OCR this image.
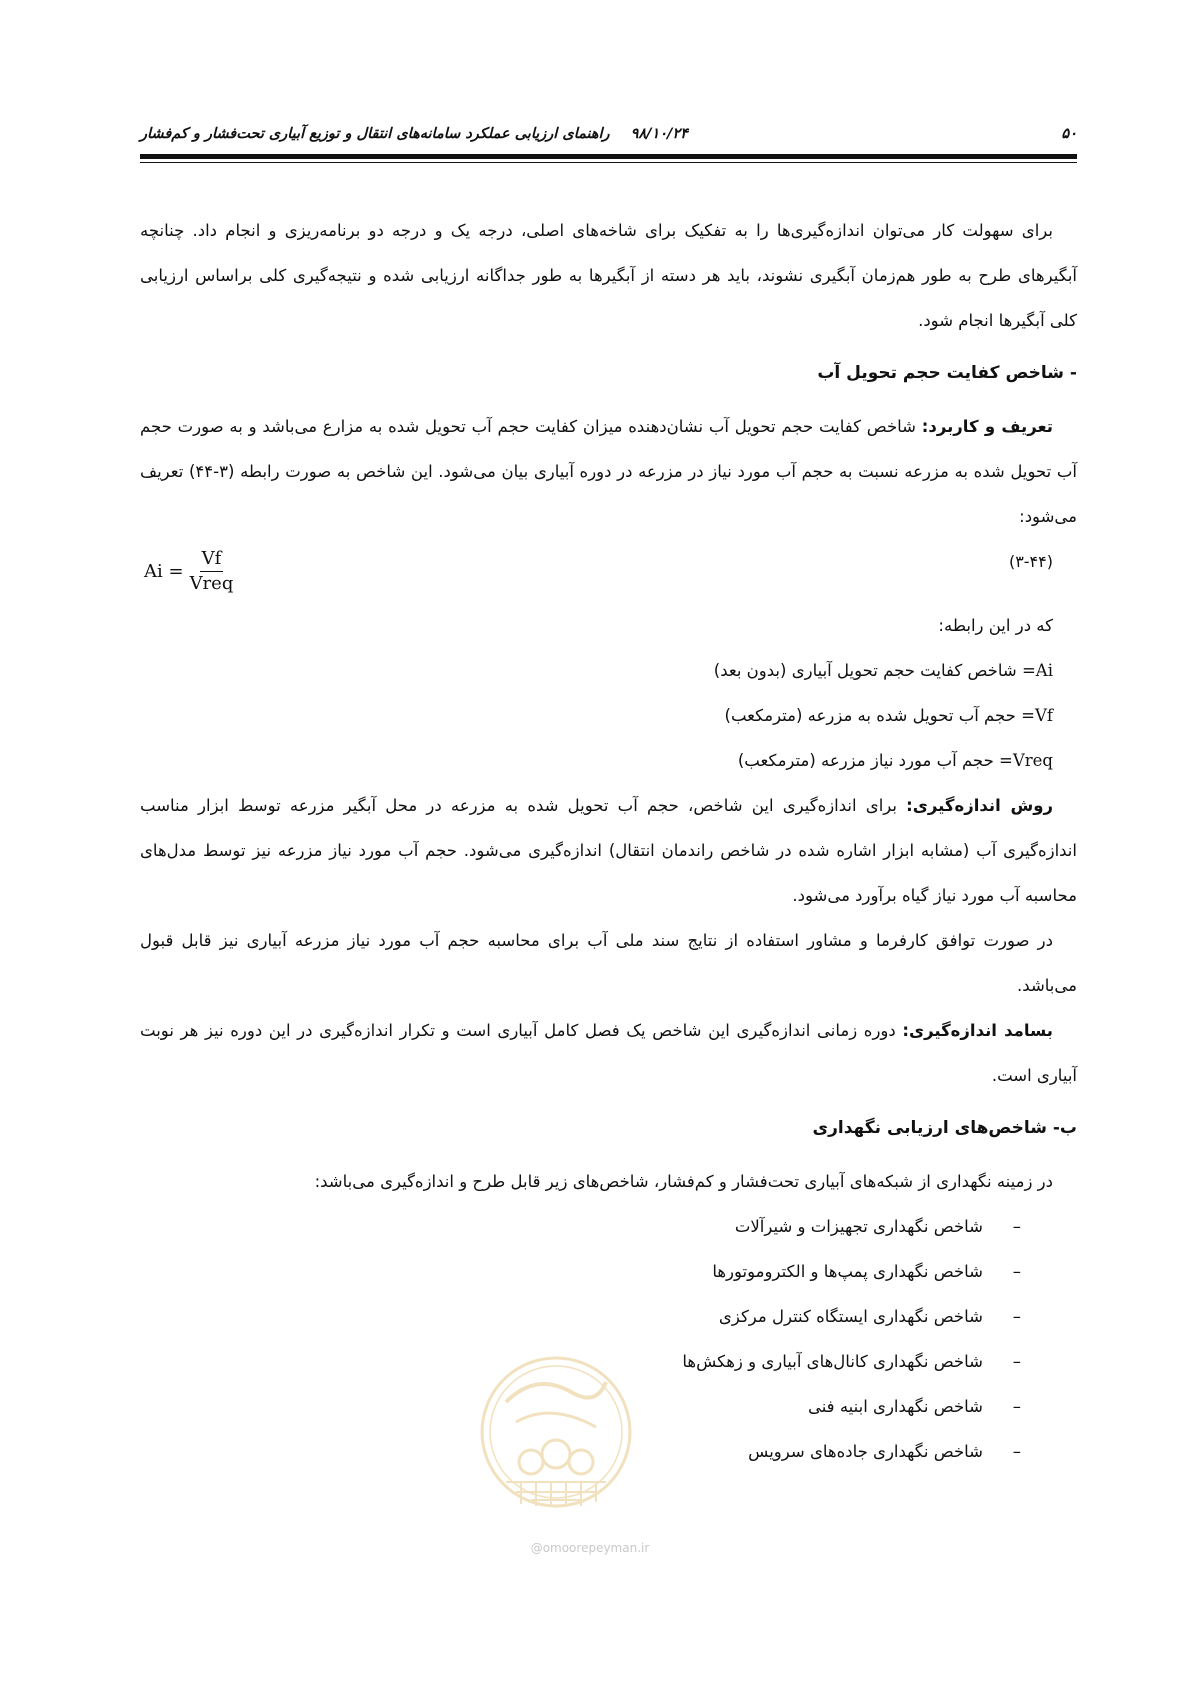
۵۰
۹۸/۱۰/۲۴ راهنمای ارزیابی عملکرد سامانه‌های انتقال و توزیع آبیاری تحت‌فشار و کم‌فشار

برای سهولت کار می‌توان اندازه‌گیری‌ها را به تفکیک برای شاخه‌های اصلی، درجه یک و درجه دو برنامه‌ریزی و انجام داد. چنانچه آبگیرهای طرح به طور هم‌زمان آبگیری نشوند، باید هر دسته از آبگیرها به طور جداگانه ارزیابی شده و نتیجه‌گیری کلی براساس ارزیابی کلی آبگیرها انجام شود.

- شاخص کفایت حجم تحویل آب

تعریف و کاربرد: شاخص کفایت حجم تحویل آب نشان‌دهنده میزان کفایت حجم آب تحویل شده به مزارع می‌باشد و به صورت حجم آب تحویل شده به مزرعه نسبت به حجم آب مورد نیاز در مزرعه در دوره آبیاری بیان می‌شود. این شاخص به صورت رابطه (۳-۴۴) تعریف می‌شود:

(۳-۴۴)
$Ai = \frac{Vf}{\text{Vreq}}$

که در این رابطه:

Ai
= شاخص کفایت حجم تحویل آبیاری (بدون بعد)
Vf
= حجم آب تحویل شده به مزرعه (مترمکعب)
Vreq
= حجم آب مورد نیاز مزرعه (مترمکعب)

روش اندازه‌گیری: برای اندازه‌گیری این شاخص، حجم آب تحویل شده به مزرعه در محل آبگیر مزرعه توسط ابزار مناسب اندازه‌گیری آب (مشابه ابزار اشاره شده در شاخص راندمان انتقال) اندازه‌گیری می‌شود. حجم آب مورد نیاز مزرعه نیز توسط مدل‌های محاسبه آب مورد نیاز گیاه برآورد می‌شود.

در صورت توافق کارفرما و مشاور استفاده از نتایج سند ملی آب برای محاسبه حجم آب مورد نیاز مزرعه آبیاری نیز قابل قبول می‌باشد.

بسامد اندازه‌گیری: دوره زمانی اندازه‌گیری این شاخص یک فصل کامل آبیاری است و تکرار اندازه‌گیری در این دوره نیز هر نوبت آبیاری است.

ب- شاخص‌های ارزیابی نگهداری

در زمینه نگهداری از شبکه‌های آبیاری تحت‌فشار و کم‌فشار، شاخص‌های زیر قابل طرح و اندازه‌گیری می‌باشد:

–
شاخص نگهداری تجهیزات و شیرآلات
–
شاخص نگهداری پمپ‌ها و الکتروموتورها
–
شاخص نگهداری ایستگاه کنترل مرکزی
–
شاخص نگهداری کانال‌های آبیاری و زهکش‌ها
–
شاخص نگهداری ابنیه فنی
–
شاخص نگهداری جاده‌های سرویس
@omoorepeyman.ir
